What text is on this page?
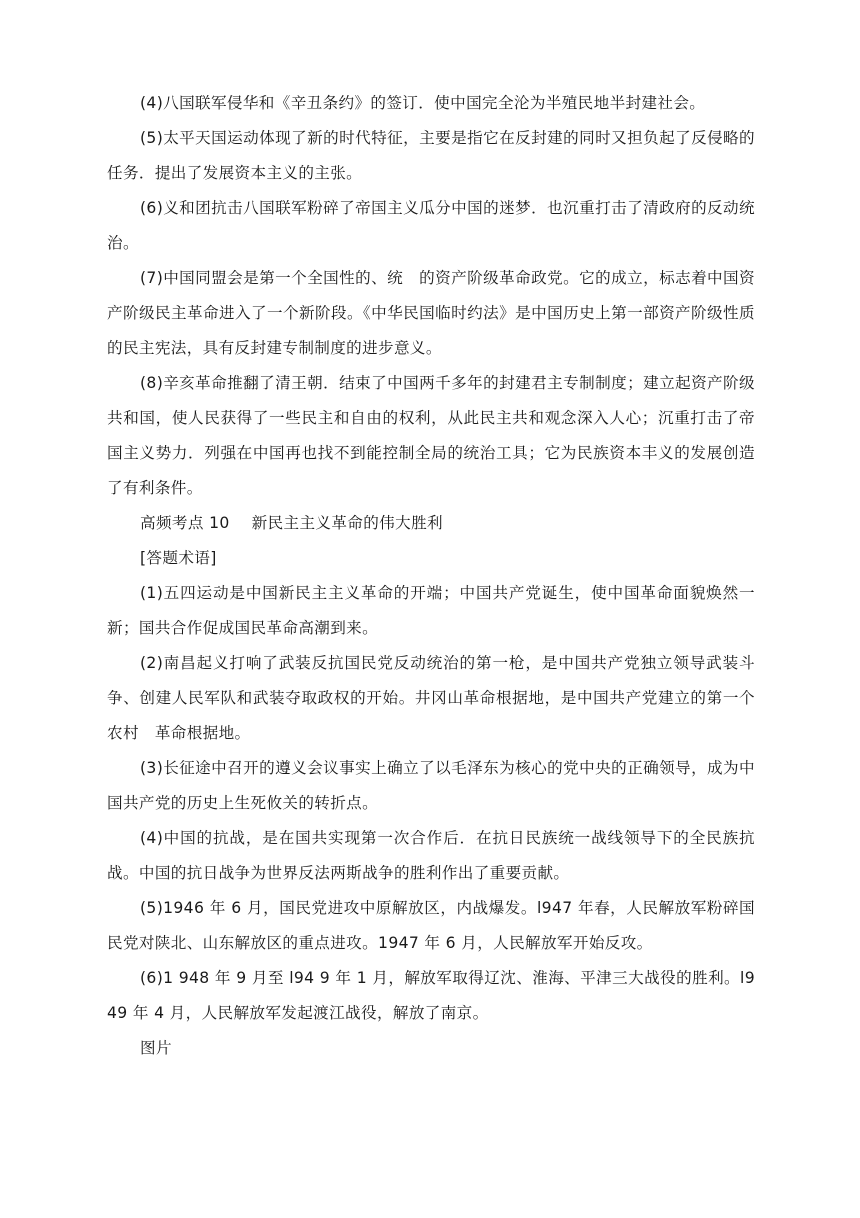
(4)八国联军侵华和《辛丑条约》的签订．使中国完全沦为半殖民地半封建社会。

(5)太平天国运动体现了新的时代特征，主要是指它在反封建的同时又担负起了反侵略的任务．提出了发展资本主义的主张。

(6)义和团抗击八国联军粉碎了帝国主义瓜分中国的迷梦．也沉重打击了清政府的反动统治。

(7)中国同盟会是第一个全国性的、统　的资产阶级革命政党。它的成立，标志着中国资产阶级民主革命进入了一个新阶段。《中华民国临时约法》是中国历史上第一部资产阶级性质的民主宪法，具有反封建专制制度的进步意义。

(8)辛亥革命推翻了清王朝．结束了中国两千多年的封建君主专制制度；建立起资产阶级共和国，使人民获得了一些民主和自由的权利，从此民主共和观念深入人心；沉重打击了帝国主义势力．列强在中国再也找不到能控制全局的统治工具；它为民族资本丰义的发展创造了有利条件。

高频考点 10 新民主主义革命的伟大胜利

[答题术语]

(1)五四运动是中国新民主主义革命的开端；中国共产党诞生，使中国革命面貌焕然一新；国共合作促成国民革命高潮到来。

(2)南昌起义打响了武装反抗国民党反动统治的第一枪，是中国共产党独立领导武装斗争、创建人民军队和武装夺取政权的开始。井冈山革命根据地，是中国共产党建立的第一个农村　革命根据地。

(3)长征途中召开的遵义会议事实上确立了以毛泽东为核心的党中央的正确领导，成为中国共产党的历史上生死攸关的转折点。

(4)中国的抗战，是在国共实现第一次合作后．在抗日民族统一战线领导下的全民族抗战。中国的抗日战争为世界反法两斯战争的胜利作出了重要贡献。

(5)1946 年 6 月，国民党进攻中原解放区，内战爆发。l947 年春，人民解放军粉碎国民党对陕北、山东解放区的重点进攻。1947 年 6 月，人民解放军开始反攻。

(6)1 948 年 9 月至 l94 9 年 1 月，解放军取得辽沈、淮海、平津三大战役的胜利。l949 年 4 月，人民解放军发起渡江战役，解放了南京。

图片
